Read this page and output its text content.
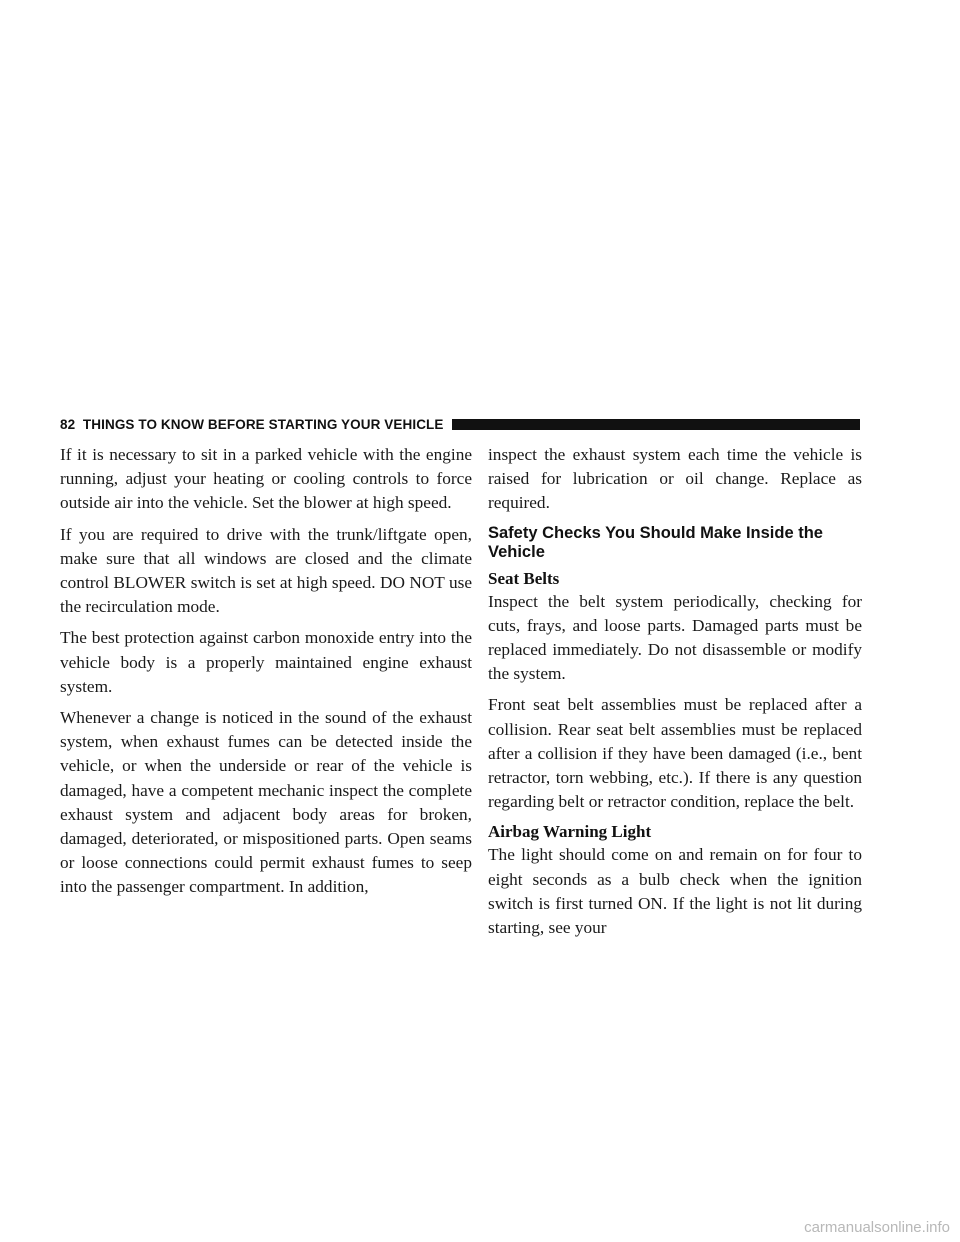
82 THINGS TO KNOW BEFORE STARTING YOUR VEHICLE

If it is necessary to sit in a parked vehicle with the engine running, adjust your heating or cooling controls to force outside air into the vehicle. Set the blower at high speed.

If you are required to drive with the trunk/liftgate open, make sure that all windows are closed and the climate control BLOWER switch is set at high speed. DO NOT use the recirculation mode.

The best protection against carbon monoxide entry into the vehicle body is a properly maintained engine exhaust system.

Whenever a change is noticed in the sound of the exhaust system, when exhaust fumes can be detected inside the vehicle, or when the underside or rear of the vehicle is damaged, have a competent mechanic inspect the complete exhaust system and adjacent body areas for broken, damaged, deteriorated, or mispositioned parts. Open seams or loose connections could permit exhaust fumes to seep into the passenger compartment. In addition,

inspect the exhaust system each time the vehicle is raised for lubrication or oil change. Replace as required.

Safety Checks You Should Make Inside the Vehicle
Seat Belts

Inspect the belt system periodically, checking for cuts, frays, and loose parts. Damaged parts must be replaced immediately. Do not disassemble or modify the system.

Front seat belt assemblies must be replaced after a collision. Rear seat belt assemblies must be replaced after a collision if they have been damaged (i.e., bent retractor, torn webbing, etc.). If there is any question regarding belt or retractor condition, replace the belt.

Airbag Warning Light

The light should come on and remain on for four to eight seconds as a bulb check when the ignition switch is first turned ON. If the light is not lit during starting, see your

carmanualsonline.info
